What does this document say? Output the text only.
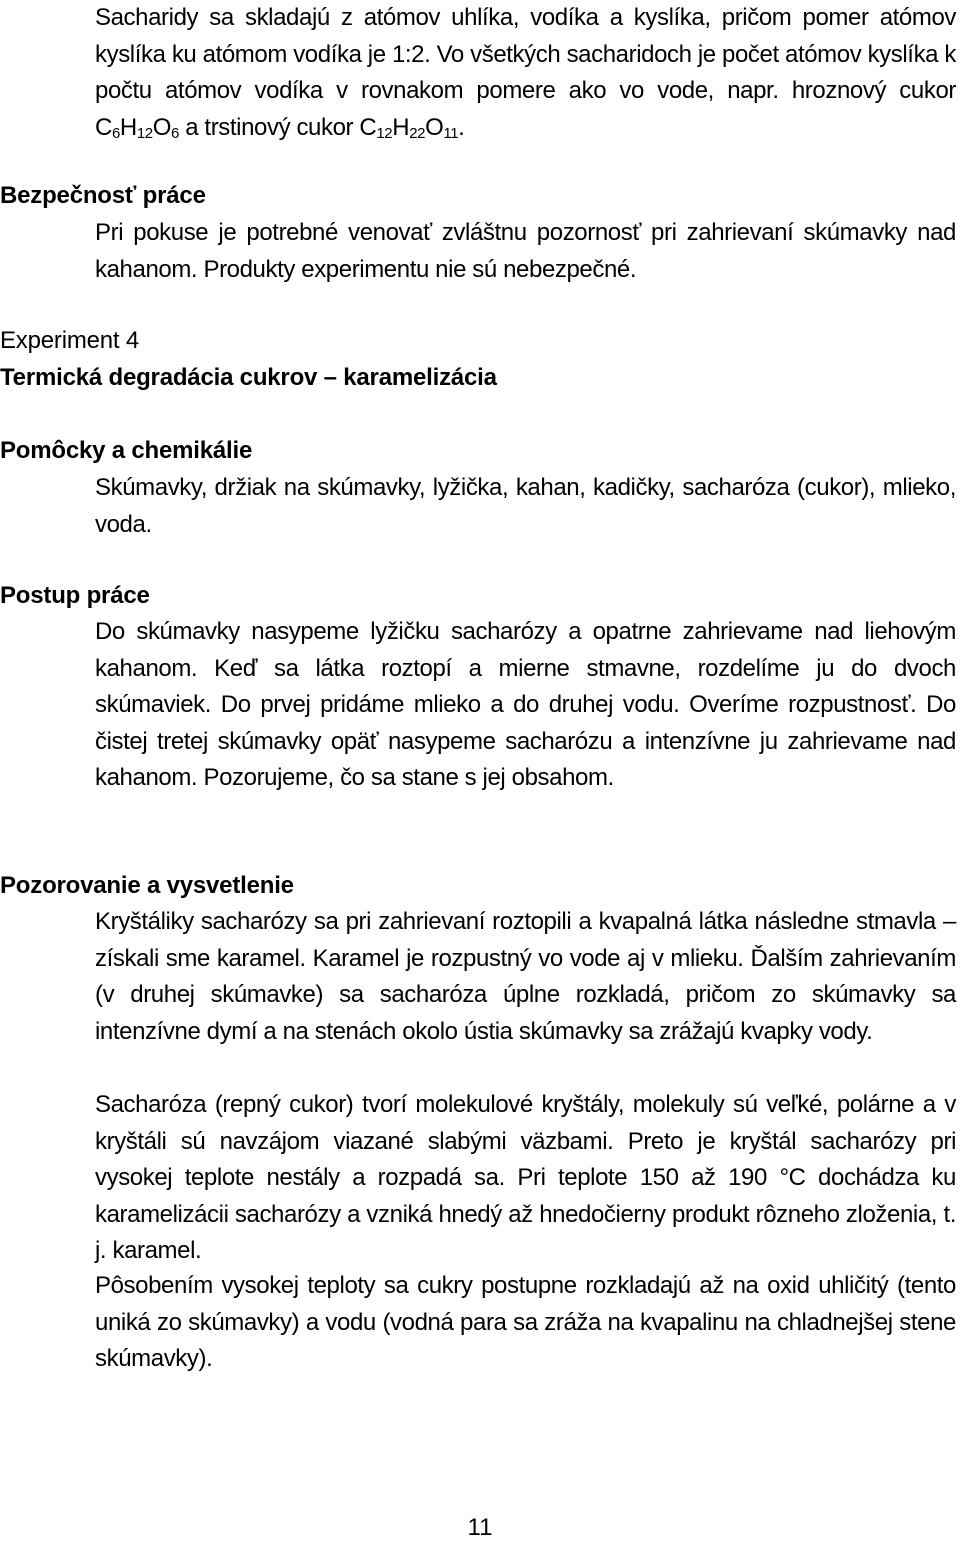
Sacharidy sa skladajú z atómov uhlíka, vodíka a kyslíka, pričom pomer atómov kyslíka ku atómom vodíka je 1:2. Vo všetkých sacharidoch je počet atómov kyslíka k počtu atómov vodíka v rovnakom pomere ako vo vode, napr. hroznový cukor $C_6H_{12}O_6$ a trstinový cukor $C_{12}H_{22}O_{11}$.

Bezpečnosť práce

Pri pokuse je potrebné venovať zvláštnu pozornosť pri zahrievaní skúmavky nad kahanom. Produkty experimentu nie sú nebezpečné.

Experiment 4
Termická degradácia cukrov – karamelizácia
Pomôcky a chemikálie

Skúmavky, držiak na skúmavky, lyžička, kahan, kadičky, sacharóza (cukor), mlieko, voda.

Postup práce

Do skúmavky nasypeme lyžičku sacharózy a opatrne zahrievame nad liehovým kahanom. Keď sa látka roztopí a mierne stmavne, rozdelíme ju do dvoch skúmaviek. Do prvej pridáme mlieko a do druhej vodu. Overíme rozpustnosť. Do čistej tretej skúmavky opäť nasypeme sacharózu a intenzívne ju zahrievame nad kahanom. Pozorujeme, čo sa stane s jej obsahom.

Pozorovanie a vysvetlenie

Kryštáliky sacharózy sa pri zahrievaní roztopili a kvapalná látka následne stmavla – získali sme karamel. Karamel je rozpustný vo vode aj v mlieku. Ďalším zahrievaním (v druhej skúmavke) sa sacharóza úplne rozkladá, pričom zo skúmavky sa intenzívne dymí a na stenách okolo ústia skúmavky sa zrážajú kvapky vody.

Sacharóza (repný cukor) tvorí molekulové kryštály, molekuly sú veľké, polárne a v kryštáli sú navzájom viazané slabými väzbami. Preto je kryštál sacharózy pri vysokej teplote nestály a rozpadá sa. Pri teplote 150 až 190 °C dochádza ku karamelizácii sacharózy a vzniká hnedý až hnedočierny produkt rôzneho zloženia, t. j. karamel.

Pôsobením vysokej teploty sa cukry postupne rozkladajú až na oxid uhličitý (tento uniká zo skúmavky) a vodu (vodná para sa zráža na kvapalinu na chladnejšej stene skúmavky).

11
